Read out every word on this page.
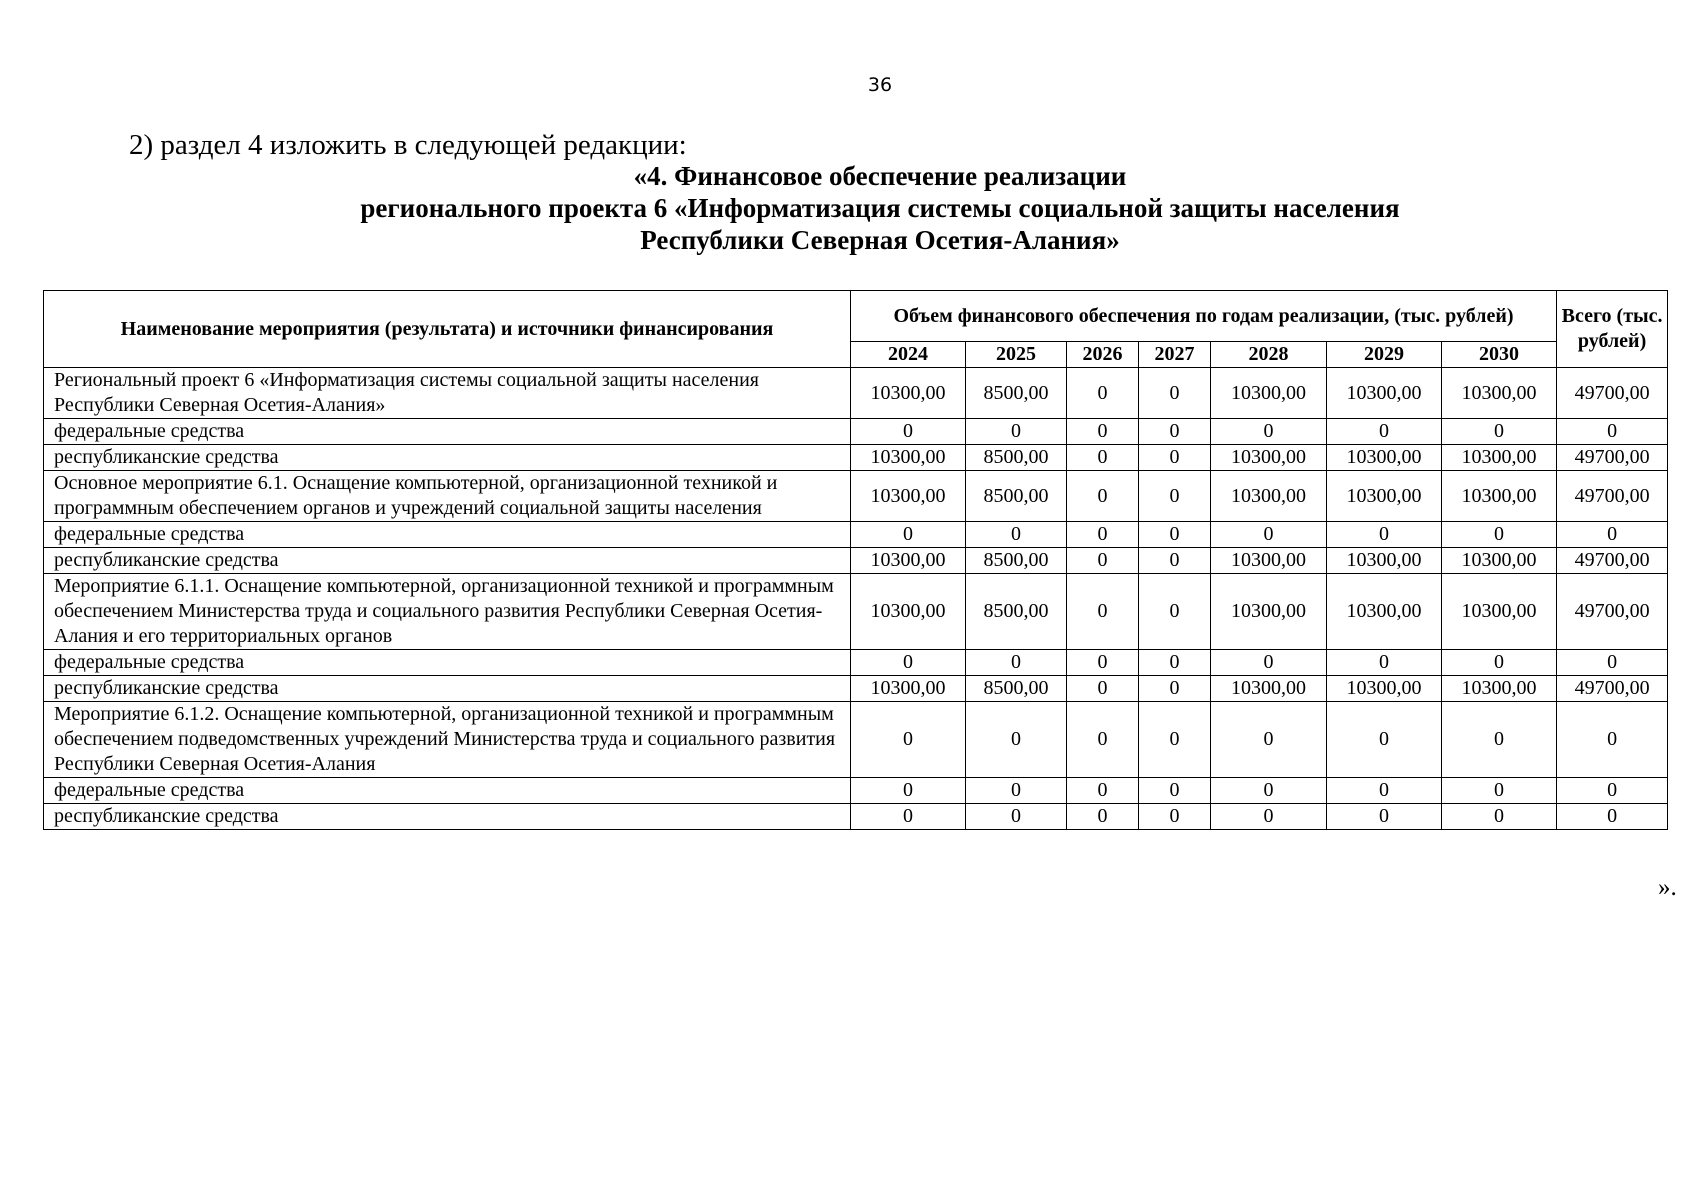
36
2) раздел 4 изложить в следующей редакции:
«4. Финансовое обеспечение реализации
регионального проекта 6 «Информатизация системы социальной защиты населения
Республики Северная Осетия-Алания»
Наименование мероприятия (результата) и источники финансирования	Объем финансового обеспечения по годам реализации, (тыс. рублей)							Всего (тыс. рублей)
	2024	2025	2026	2027	2028	2029	2030	
Региональный проект 6 «Информатизация системы социальной защиты населения Республики Северная Осетия-Алания»	10300,00	8500,00	0	0	10300,00	10300,00	10300,00	49700,00
федеральные средства	0	0	0	0	0	0	0	0
республиканские средства	10300,00	8500,00	0	0	10300,00	10300,00	10300,00	49700,00
Основное мероприятие 6.1. Оснащение компьютерной, организационной техникой и программным обеспечением органов и учреждений социальной защиты населения	10300,00	8500,00	0	0	10300,00	10300,00	10300,00	49700,00
федеральные средства	0	0	0	0	0	0	0	0
республиканские средства	10300,00	8500,00	0	0	10300,00	10300,00	10300,00	49700,00
Мероприятие 6.1.1. Оснащение компьютерной, организационной техникой и программным обеспечением Министерства труда и социального развития Республики Северная Осетия-Алания и его территориальных органов	10300,00	8500,00	0	0	10300,00	10300,00	10300,00	49700,00
федеральные средства	0	0	0	0	0	0	0	0
республиканские средства	10300,00	8500,00	0	0	10300,00	10300,00	10300,00	49700,00
Мероприятие 6.1.2. Оснащение компьютерной, организационной техникой и программным обеспечением подведомственных учреждений Министерства труда и социального развития Республики Северная Осетия-Алания	0	0	0	0	0	0	0	0
федеральные средства	0	0	0	0	0	0	0	0
республиканские средства	0	0	0	0	0	0	0	0
».
